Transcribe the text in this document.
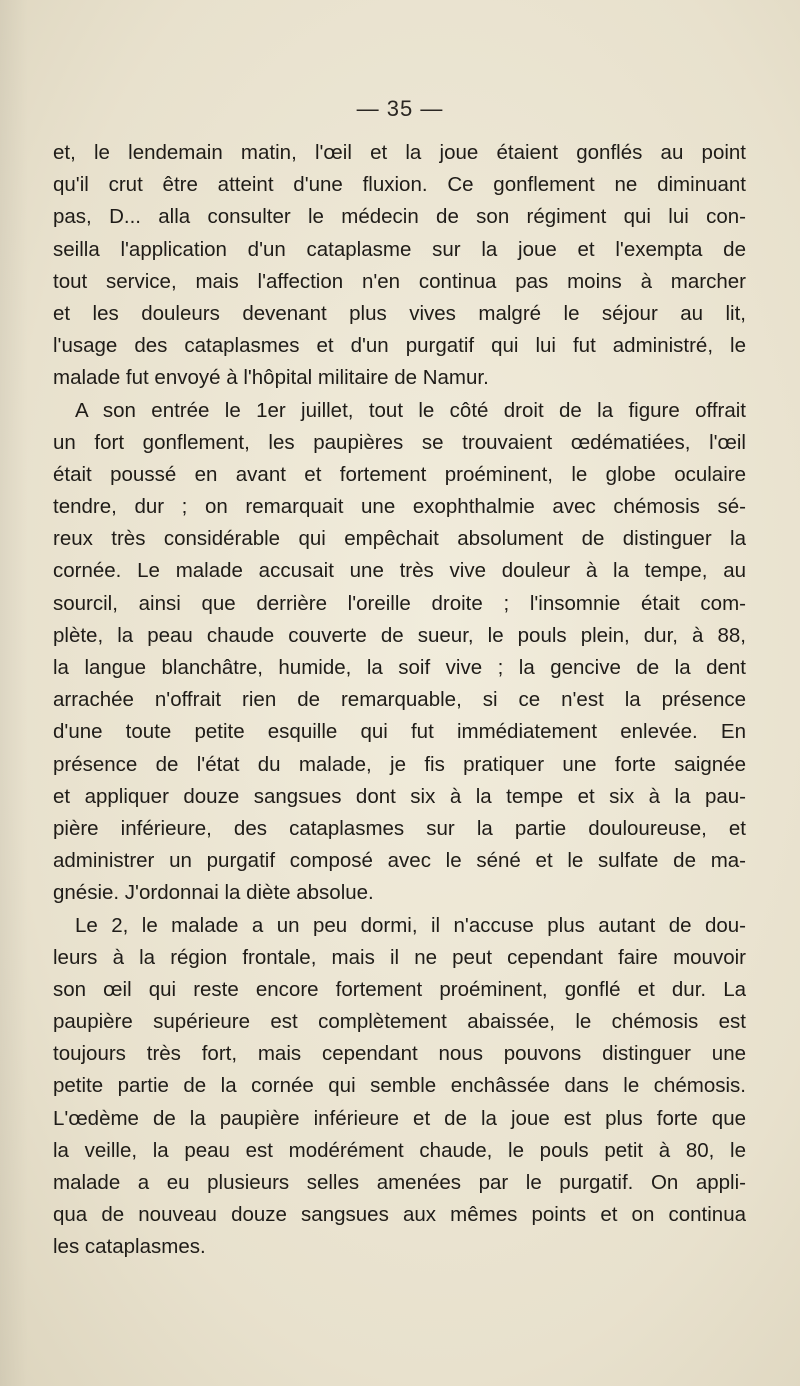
— 35 —
et, le lendemain matin, l'œil et la joue étaient gonflés au point
qu'il crut être atteint d'une fluxion. Ce gonflement ne diminuant
pas, D... alla consulter le médecin de son régiment qui lui con-
seilla l'application d'un cataplasme sur la joue et l'exempta de
tout service, mais l'affection n'en continua pas moins à marcher
et les douleurs devenant plus vives malgré le séjour au lit,
l'usage des cataplasmes et d'un purgatif qui lui fut administré, le
malade fut envoyé à l'hôpital militaire de Namur.
A son entrée le 1er juillet, tout le côté droit de la figure offrait
un fort gonflement, les paupières se trouvaient œdématiées, l'œil
était poussé en avant et fortement proéminent, le globe oculaire
tendre, dur ; on remarquait une exophthalmie avec chémosis sé-
reux très considérable qui empêchait absolument de distinguer la
cornée. Le malade accusait une très vive douleur à la tempe, au
sourcil, ainsi que derrière l'oreille droite ; l'insomnie était com-
plète, la peau chaude couverte de sueur, le pouls plein, dur, à 88,
la langue blanchâtre, humide, la soif vive ; la gencive de la dent
arrachée n'offrait rien de remarquable, si ce n'est la présence
d'une toute petite esquille qui fut immédiatement enlevée. En
présence de l'état du malade, je fis pratiquer une forte saignée
et appliquer douze sangsues dont six à la tempe et six à la pau-
pière inférieure, des cataplasmes sur la partie douloureuse, et
administrer un purgatif composé avec le séné et le sulfate de ma-
gnésie. J'ordonnai la diète absolue.
Le 2, le malade a un peu dormi, il n'accuse plus autant de dou-
leurs à la région frontale, mais il ne peut cependant faire mouvoir
son œil qui reste encore fortement proéminent, gonflé et dur. La
paupière supérieure est complètement abaissée, le chémosis est
toujours très fort, mais cependant nous pouvons distinguer une
petite partie de la cornée qui semble enchâssée dans le chémosis.
L'œdème de la paupière inférieure et de la joue est plus forte que
la veille, la peau est modérément chaude, le pouls petit à 80, le
malade a eu plusieurs selles amenées par le purgatif. On appli-
qua de nouveau douze sangsues aux mêmes points et on continua
les cataplasmes.
